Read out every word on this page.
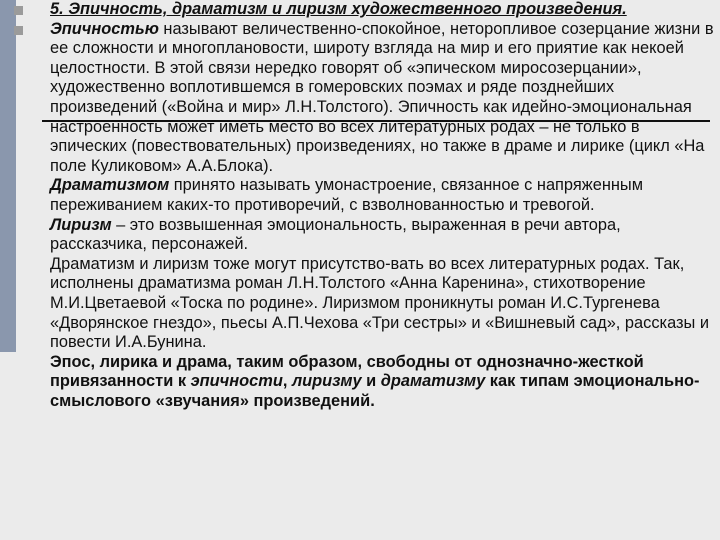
5. Эпичность, драматизм и лиризм художественного произведения.
Эпичностью называют величественно-спокойное, неторопливое созерцание жизни в ее сложности и многоплановости, широту взгляда на мир и его приятие как некоей целостности. В этой связи нередко говорят об «эпическом миросозерцании», художественно воплотившемся в гомеровских поэмах и ряде позднейших произведений («Война и мир» Л.Н.Толстого). Эпичность как идейно-эмоциональная настроенность может иметь место во всех литературных родах – не только в эпических (повествовательных) произведениях, но также в драме и лирике (цикл «На поле Куликовом» А.А.Блока).
Драматизмом принято называть умонастроение, связанное с напряженным переживанием каких-то противоречий, с взволнованностью и тревогой.
Лиризм – это возвышенная эмоциональность, выраженная в речи автора, рассказчика, персонажей.
Драматизм и лиризм тоже могут присутство-вать во всех литературных родах. Так, исполнены драматизма роман Л.Н.Толстого «Анна Каренина», стихотворение М.И.Цветаевой «Тоска по родине». Лиризмом проникнуты роман И.С.Тургенева «Дворянское гнездо», пьесы А.П.Чехова «Три сестры» и «Вишневый сад», рассказы и повести И.А.Бунина.
Эпос, лирика и драма, таким образом, свободны от однозначно-жесткой привязанности к эпичности, лиризму и драматизму как типам эмоционально-смыслового «звучания» произведений.
